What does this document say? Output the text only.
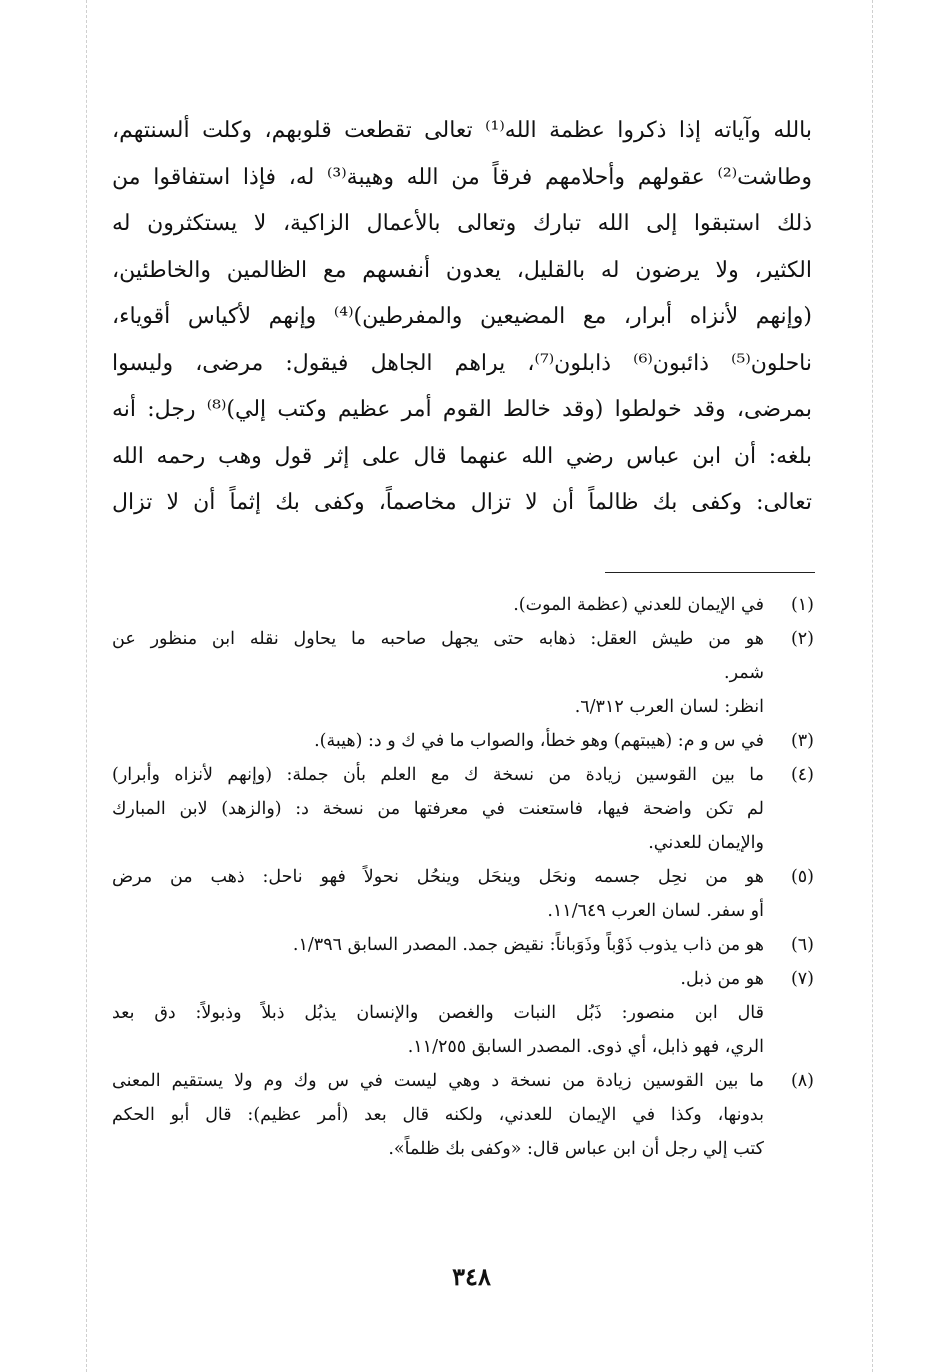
بالله وآياته إذا ذكروا عظمة الله⁽¹⁾ تعالى تقطعت قلوبهم، وكلت ألسنتهم،
وطاشت⁽²⁾ عقولهم وأحلامهم فرقاً من الله وهيبة⁽³⁾ له، فإذا استفاقوا من
ذلك استبقوا إلى الله تبارك وتعالى بالأعمال الزاكية، لا يستكثرون له
الكثير، ولا يرضون له بالقليل، يعدون أنفسهم مع الظالمين والخاطئين،
(وإنهم لأنزاه أبرار، مع المضيعين والمفرطين)⁽⁴⁾ وإنهم لأكياس أقوياء،
ناحلون⁽⁵⁾ ذائبون⁽⁶⁾ ذابلون⁽⁷⁾، يراهم الجاهل فيقول: مرضى، وليسوا
بمرضى، وقد خولطوا (وقد خالط القوم أمر عظيم وكتب إلي)⁽⁸⁾ رجل: أنه
بلغه: أن ابن عباس رضي الله عنهما قال على إثر قول وهب رحمه الله
تعالى: وكفى بك ظالماً أن لا تزال مخاصماً، وكفى بك إثماً أن لا تزال
(١)
في الإيمان للعدني (عظمة الموت).
(٢)
هو من طيش العقل: ذهابه حتى يجهل صاحبه ما يحاول نقله ابن منظور عن
شمر.
انظر: لسان العرب ٦/٣١٢.
(٣)
في س و م: (هيبتهم) وهو خطأ، والصواب ما في ك و د: (هيبة).
(٤)
ما بين القوسين زيادة من نسخة ك مع العلم بأن جملة: (وإنهم لأنزاه وأبرار)
لم تكن واضحة فيها، فاستعنت في معرفتها من نسخة د: (والزهد) لابن المبارك
والإيمان للعدني.
(٥)
هو من نحِل جسمه ونحَل وينحَل وينحُل نحولاً فهو ناحل: ذهب من مرض
أو سفر. لسان العرب ١١/٦٤٩.
(٦)
هو من ذاب يذوب ذَوْباً وذَوَباناً: نقيض جمد. المصدر السابق ١/٣٩٦.
(٧)
هو من ذبل.
قال ابن منصور: ذَبُل النبات والغصن والإنسان يذبُل ذبلاً وذبولاً: دق بعد
الري، فهو ذابل، أي ذوى. المصدر السابق ١١/٢٥٥.
(٨)
ما بين القوسين زيادة من نسخة د وهي ليست في س وك وم ولا يستقيم المعنى
بدونها، وكذا في الإيمان للعدني، ولكنه قال بعد (أمر عظيم): قال أبو الحكم
كتب إلي رجل أن ابن عباس قال: «وكفى بك ظلماً».
٣٤٨
